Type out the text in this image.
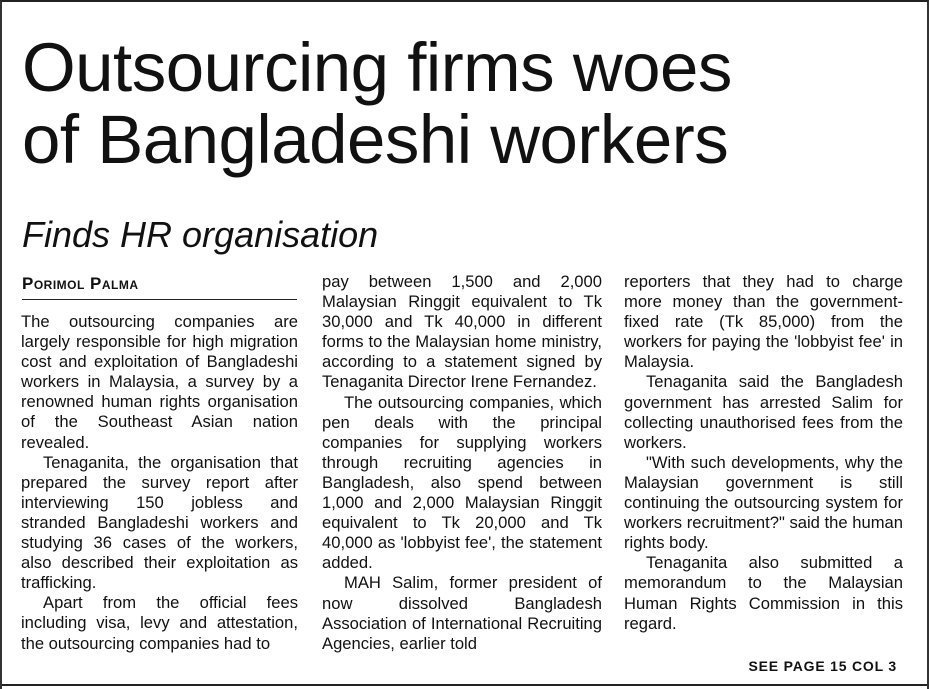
Outsourcing firms woes
of Bangladeshi workers
Finds HR organisation
Porimol Palma

The outsourcing companies are largely responsible for high migration cost and exploitation of Bangladeshi workers in Malaysia, a survey by a renowned human rights organisation of the Southeast Asian nation revealed.

Tenaganita, the organisation that prepared the survey report after interviewing 150 jobless and stranded Bangladeshi workers and studying 36 cases of the workers, also described their exploitation as trafficking.

Apart from the official fees including visa, levy and attestation, the outsourcing companies had to

pay between 1,500 and 2,000 Malaysian Ringgit equivalent to Tk 30,000 and Tk 40,000 in different forms to the Malaysian home ministry, according to a statement signed by Tenaganita Director Irene Fernandez.

The outsourcing companies, which pen deals with the principal companies for supplying workers through recruiting agencies in Bangladesh, also spend between 1,000 and 2,000 Malaysian Ringgit equivalent to Tk 20,000 and Tk 40,000 as 'lobbyist fee', the statement added.

MAH Salim, former president of now dissolved Bangladesh Association of International Recruiting Agencies, earlier told

reporters that they had to charge more money than the government-fixed rate (Tk 85,000) from the workers for paying the 'lobbyist fee' in Malaysia.

Tenaganita said the Bangladesh government has arrested Salim for collecting unauthorised fees from the workers.

"With such developments, why the Malaysian government is still continuing the outsourcing system for workers recruitment?" said the human rights body.

Tenaganita also submitted a memorandum to the Malaysian Human Rights Commission in this regard.

SEE PAGE 15 COL 3
